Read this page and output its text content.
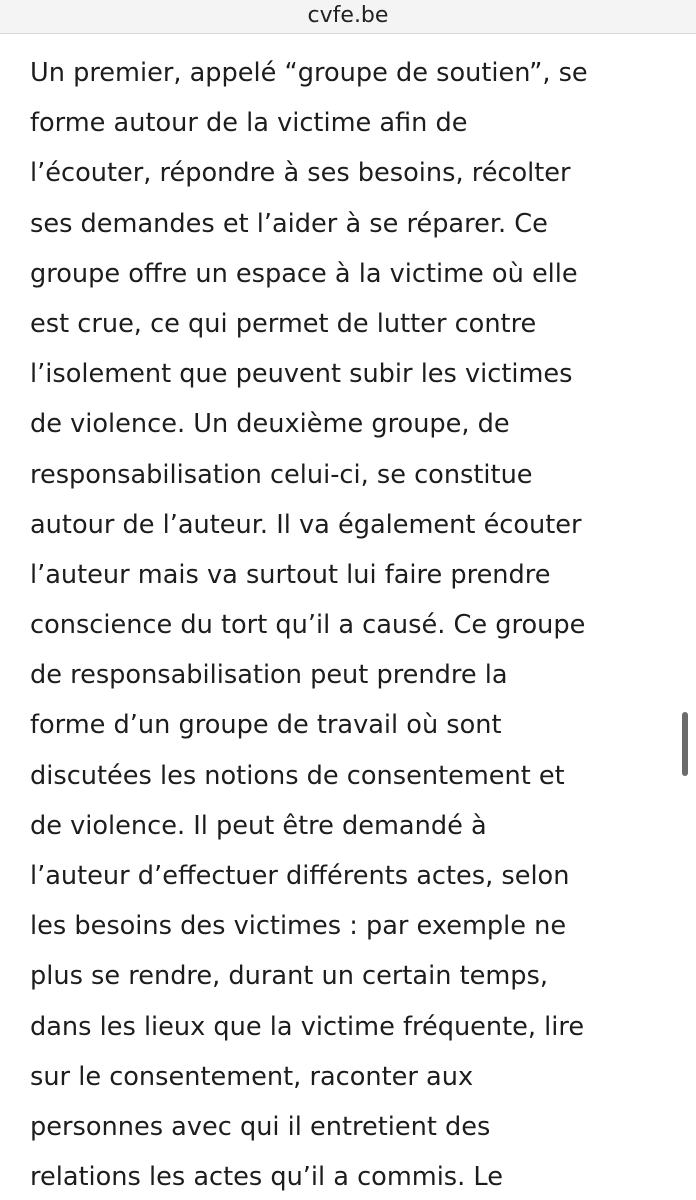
cvfe.be
Un premier, appelé “groupe de soutien”, se
forme autour de la victime afin de
l’écouter, répondre à ses besoins, récolter
ses demandes et l’aider à se réparer. Ce
groupe offre un espace à la victime où elle
est crue, ce qui permet de lutter contre
l’isolement que peuvent subir les victimes
de violence. Un deuxième groupe, de
responsabilisation celui-ci, se constitue
autour de l’auteur. Il va également écouter
l’auteur mais va surtout lui faire prendre
conscience du tort qu’il a causé. Ce groupe
de responsabilisation peut prendre la
forme d’un groupe de travail où sont
discutées les notions de consentement et
de violence. Il peut être demandé à
l’auteur d’effectuer différents actes, selon
les besoins des victimes : par exemple ne
plus se rendre, durant un certain temps,
dans les lieux que la victime fréquente, lire
sur le consentement, raconter aux
personnes avec qui il entretient des
relations les actes qu’il a commis. Le
